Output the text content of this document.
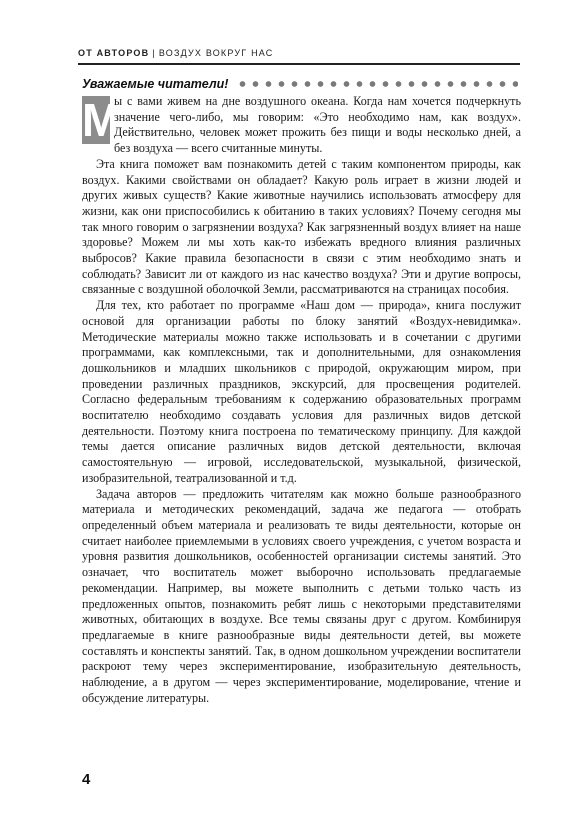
ОТ АВТОРОВ | ВОЗДУХ ВОКРУГ НАС
Уважаемые читатели!

М
ы с вами живем на дне воздушного океана. Когда нам хочется подчеркнуть значение чего-либо, мы говорим: «Это необходимо нам, как воздух». Действительно, человек может прожить без пищи и воды несколько дней, а без воздуха — всего считанные минуты.

Эта книга поможет вам познакомить детей с таким компонентом природы, как воздух. Какими свойствами он обладает? Какую роль играет в жизни людей и других живых существ? Какие животные научились использовать атмосферу для жизни, как они приспособились к обитанию в таких условиях? Почему сегодня мы так много говорим о загрязнении воздуха? Как загрязненный воздух влияет на наше здоровье? Можем ли мы хоть как-то избежать вредного влияния различных выбросов? Какие правила безопасности в связи с этим необходимо знать и соблюдать? Зависит ли от каждого из нас качество воздуха? Эти и другие вопросы, связанные с воздушной оболочкой Земли, рассматриваются на страницах пособия.

Для тех, кто работает по программе «Наш дом — природа», книга послужит основой для организации работы по блоку занятий «Воздух-невидимка». Методические материалы можно также использовать и в сочетании с другими программами, как комплексными, так и дополнительными, для ознакомления дошкольников и младших школьников с природой, окружающим миром, при проведении различных праздников, экскурсий, для просвещения родителей. Согласно федеральным требованиям к содержанию образовательных программ воспитателю необходимо создавать условия для различных видов детской деятельности. Поэтому книга построена по тематическому принципу. Для каждой темы дается описание различных видов детской деятельности, включая самостоятельную — игровой, исследовательской, музыкальной, физической, изобразительной, театрализованной и т.д.

Задача авторов — предложить читателям как можно больше разнообразного материала и методических рекомендаций, задача же педагога — отобрать определенный объем материала и реализовать те виды деятельности, которые он считает наиболее приемлемыми в условиях своего учреждения, с учетом возраста и уровня развития дошкольников, особенностей организации системы занятий. Это означает, что воспитатель может выборочно использовать предлагаемые рекомендации. Например, вы можете выполнить с детьми только часть из предложенных опытов, познакомить ребят лишь с некоторыми представителями животных, обитающих в воздухе. Все темы связаны друг с другом. Комбинируя предлагаемые в книге разнообразные виды деятельности детей, вы можете составлять и конспекты занятий. Так, в одном дошкольном учреждении воспитатели раскроют тему через экспериментирование, изобразительную деятельность, наблюдение, а в другом — через экспериментирование, моделирование, чтение и обсуждение литературы.

4
